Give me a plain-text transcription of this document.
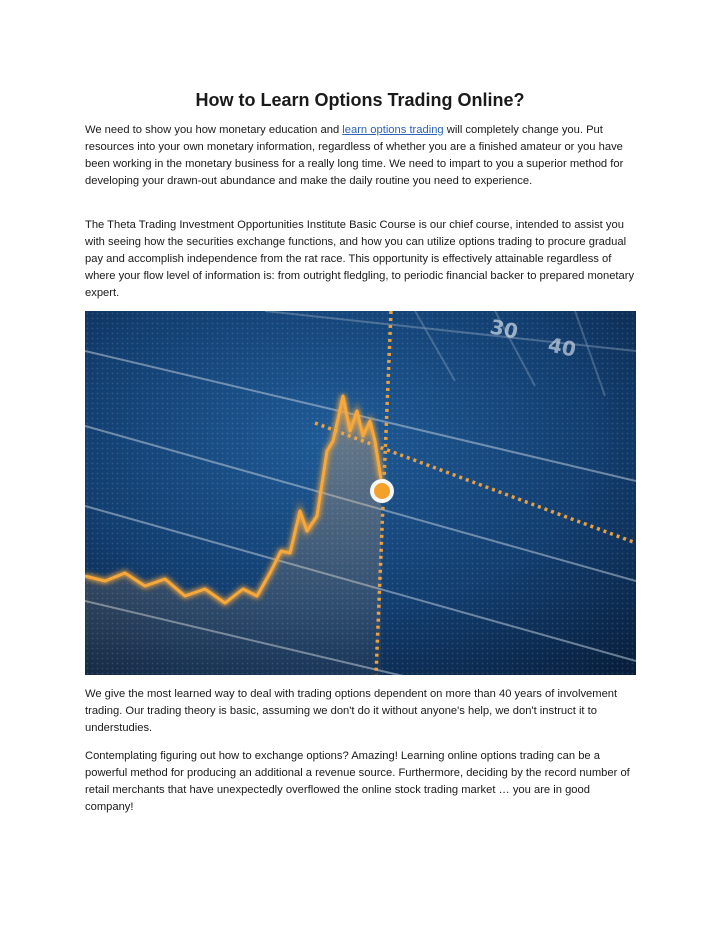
How to Learn Options Trading Online?

We need to show you how monetary education and learn options trading will completely change you. Put resources into your own monetary information, regardless of whether you are a finished amateur or you have been working in the monetary business for a really long time. We need to impart to you a superior method for developing your drawn-out abundance and make the daily routine you need to experience.

The Theta Trading Investment Opportunities Institute Basic Course is our chief course, intended to assist you with seeing how the securities exchange functions, and how you can utilize options trading to procure gradual pay and accomplish independence from the rat race. This opportunity is effectively attainable regardless of where your flow level of information is: from outright fledgling, to periodic financial backer to prepared monetary expert.

30
40

We give the most learned way to deal with trading options dependent on more than 40 years of involvement trading. Our trading theory is basic, assuming we don't do it without anyone's help, we don't instruct it to understudies.

Contemplating figuring out how to exchange options? Amazing! Learning online options trading can be a powerful method for producing an additional a revenue source. Furthermore, deciding by the record number of retail merchants that have unexpectedly overflowed the online stock trading market … you are in good company!
